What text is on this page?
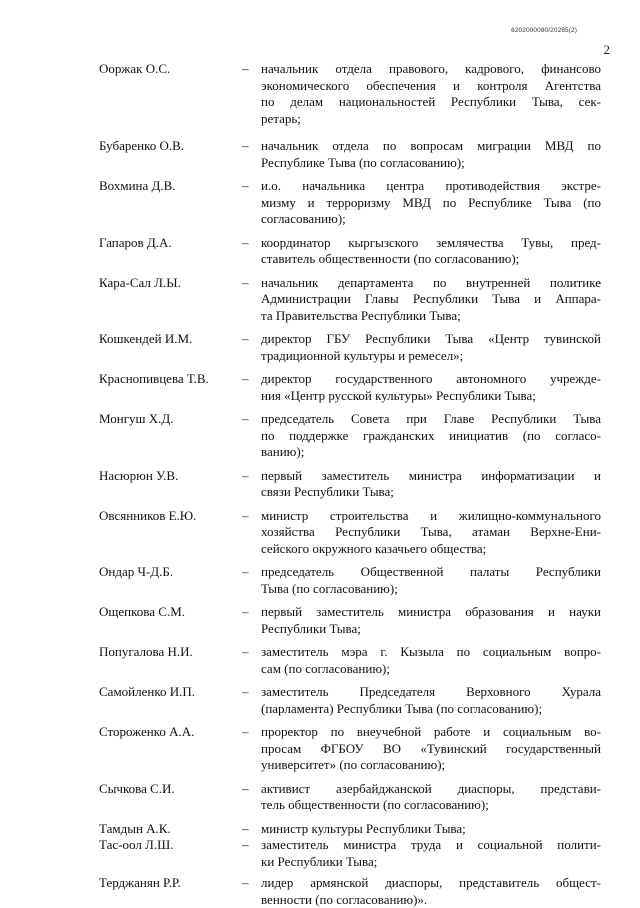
6202000080/20265(2)
2
Ооржак О.С.	– начальник отдела правового, кадрового, финансово
экономического обеспечения и контроля Агентства
по делам национальностей Республики Тыва, сек-
ретарь;
Бубаренко О.В.	– начальник отдела по вопросам миграции МВД по
Республике Тыва (по согласованию);
Вохмина Д.В.	– и.о. начальника центра противодействия экстре-
мизму и терроризму МВД по Республике Тыва (по
согласованию);
Гапаров Д.А.	– координатор кыргызского землячества Тувы, пред-
ставитель общественности (по согласованию);
Кара-Сал Л.Ы.	– начальник департамента по внутренней политике
Администрации Главы Республики Тыва и Аппара-
та Правительства Республики Тыва;
Кошкендей И.М.	– директор ГБУ Республики Тыва «Центр тувинской
традиционной культуры и ремесел»;
Краснопивцева Т.В.	– директор государственного автономного учрежде-
ния «Центр русской культуры» Республики Тыва;
Монгуш Х.Д.	– председатель Совета при Главе Республики Тыва
по поддержке гражданских инициатив (по согласо-
ванию);
Насюрюн У.В.	– первый заместитель министра информатизации и
связи Республики Тыва;
Овсянников Е.Ю.	– министр строительства и жилищно-коммунального
хозяйства Республики Тыва, атаман Верхне-Ени-
сейского окружного казачьего общества;
Ондар Ч-Д.Б.	– председатель Общественной палаты Республики
Тыва (по согласованию);
Ощепкова С.М.	– первый заместитель министра образования и науки
Республики Тыва;
Попугалова Н.И.	– заместитель мэра г. Кызыла по социальным вопро-
сам (по согласованию);
Самойленко И.П.	– заместитель Председателя Верховного Хурала
(парламента) Республики Тыва (по согласованию);
Стороженко А.А.	– проректор по внеучебной работе и социальным во-
просам ФГБОУ ВО «Тувинский государственный
университет» (по согласованию);
Сычкова С.И.	– активист азербайджанской диаспоры, представи-
тель общественности (по согласованию);
Тамдын А.К.	– министр культуры Республики Тыва;
Тас-оол Л.Ш.	– заместитель министра труда и социальной полити-
ки Республики Тыва;
Терджанян Р.Р.	– лидер армянской диаспоры, представитель общест-
венности (по согласованию)».
